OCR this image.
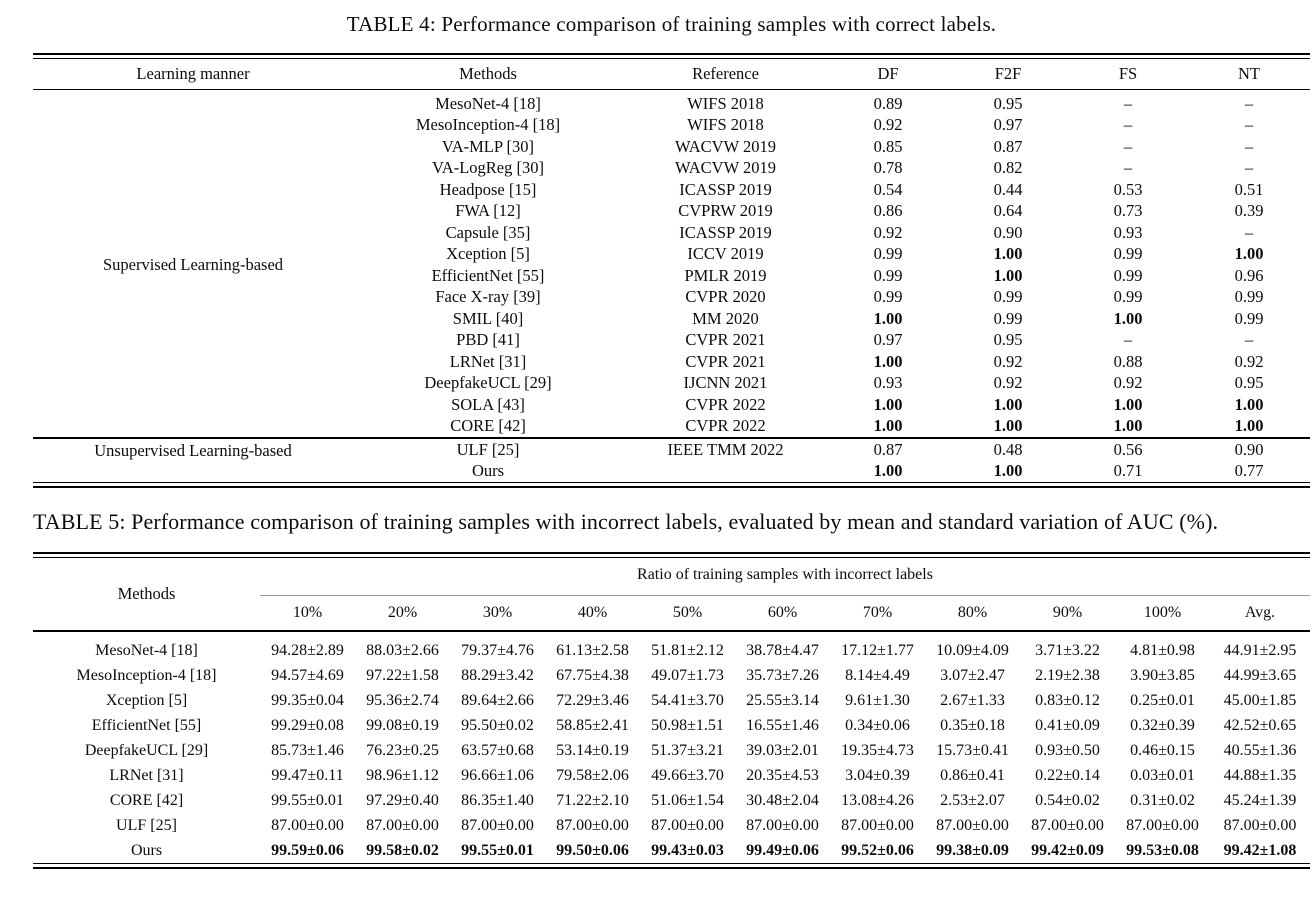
TABLE 4: Performance comparison of training samples with correct labels.
Learning manner	Methods	Reference	DF	F2F	FS	NT
Supervised Learning-based	MesoNet-4 [18]	WIFS 2018	0.89	0.95	–	–
	MesoInception-4 [18]	WIFS 2018	0.92	0.97	–	–
	VA-MLP [30]	WACVW 2019	0.85	0.87	–	–
	VA-LogReg [30]	WACVW 2019	0.78	0.82	–	–
	Headpose [15]	ICASSP 2019	0.54	0.44	0.53	0.51
	FWA [12]	CVPRW 2019	0.86	0.64	0.73	0.39
	Capsule [35]	ICASSP 2019	0.92	0.90	0.93	–
	Xception [5]	ICCV 2019	0.99	1.00	0.99	1.00
	EfficientNet [55]	PMLR 2019	0.99	1.00	0.99	0.96
	Face X-ray [39]	CVPR 2020	0.99	0.99	0.99	0.99
	SMIL [40]	MM 2020	1.00	0.99	1.00	0.99
	PBD [41]	CVPR 2021	0.97	0.95	–	–
	LRNet [31]	CVPR 2021	1.00	0.92	0.88	0.92
	DeepfakeUCL [29]	IJCNN 2021	0.93	0.92	0.92	0.95
	SOLA [43]	CVPR 2022	1.00	1.00	1.00	1.00
	CORE [42]	CVPR 2022	1.00	1.00	1.00	1.00
Unsupervised Learning-based	ULF [25]	IEEE TMM 2022	0.87	0.48	0.56	0.90
	Ours		1.00	1.00	0.71	0.77
TABLE 5: Performance comparison of training samples with incorrect labels, evaluated by mean and standard variation of AUC (%).
Methods	Ratio of training samples with incorrect labels										
	10%	20%	30%	40%	50%	60%	70%	80%	90%	100%	Avg.
MesoNet-4 [18]	94.28±2.89	88.03±2.66	79.37±4.76	61.13±2.58	51.81±2.12	38.78±4.47	17.12±1.77	10.09±4.09	3.71±3.22	4.81±0.98	44.91±2.95
MesoInception-4 [18]	94.57±4.69	97.22±1.58	88.29±3.42	67.75±4.38	49.07±1.73	35.73±7.26	8.14±4.49	3.07±2.47	2.19±2.38	3.90±3.85	44.99±3.65
Xception [5]	99.35±0.04	95.36±2.74	89.64±2.66	72.29±3.46	54.41±3.70	25.55±3.14	9.61±1.30	2.67±1.33	0.83±0.12	0.25±0.01	45.00±1.85
EfficientNet [55]	99.29±0.08	99.08±0.19	95.50±0.02	58.85±2.41	50.98±1.51	16.55±1.46	0.34±0.06	0.35±0.18	0.41±0.09	0.32±0.39	42.52±0.65
DeepfakeUCL [29]	85.73±1.46	76.23±0.25	63.57±0.68	53.14±0.19	51.37±3.21	39.03±2.01	19.35±4.73	15.73±0.41	0.93±0.50	0.46±0.15	40.55±1.36
LRNet [31]	99.47±0.11	98.96±1.12	96.66±1.06	79.58±2.06	49.66±3.70	20.35±4.53	3.04±0.39	0.86±0.41	0.22±0.14	0.03±0.01	44.88±1.35
CORE [42]	99.55±0.01	97.29±0.40	86.35±1.40	71.22±2.10	51.06±1.54	30.48±2.04	13.08±4.26	2.53±2.07	0.54±0.02	0.31±0.02	45.24±1.39
ULF [25]	87.00±0.00	87.00±0.00	87.00±0.00	87.00±0.00	87.00±0.00	87.00±0.00	87.00±0.00	87.00±0.00	87.00±0.00	87.00±0.00	87.00±0.00
Ours	99.59±0.06	99.58±0.02	99.55±0.01	99.50±0.06	99.43±0.03	99.49±0.06	99.52±0.06	99.38±0.09	99.42±0.09	99.53±0.08	99.42±1.08
